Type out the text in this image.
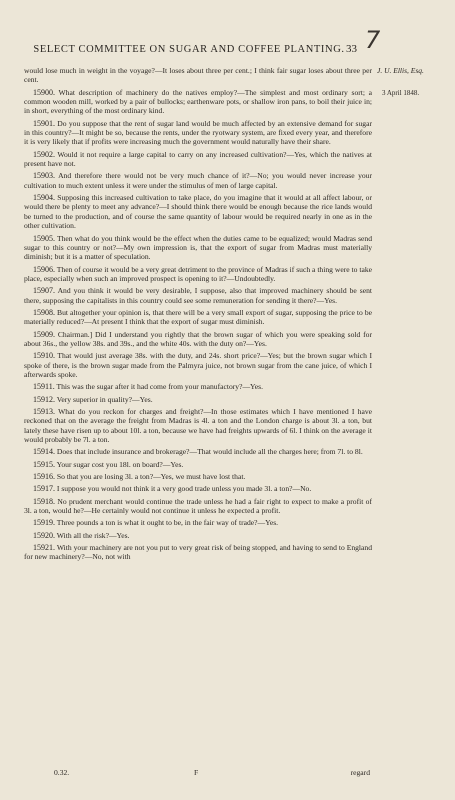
SELECT COMMITTEE ON SUGAR AND COFFEE PLANTING. 33 7
J. U. Ellis, Esq.
3 April 1848.

would lose much in weight in the voyage?—It loses about three per cent.; I think fair sugar loses about three per cent.

15900. What description of machinery do the natives employ?—The simplest and most ordinary sort; a common wooden mill, worked by a pair of bullocks; earthenware pots, or shallow iron pans, to boil their juice in; in short, everything of the most ordinary kind.

15901. Do you suppose that the rent of sugar land would be much affected by an extensive demand for sugar in this country?—It might be so, because the rents, under the ryotwary system, are fixed every year, and therefore it is very likely that if profits were increasing much the government would naturally have their share.

15902. Would it not require a large capital to carry on any increased cultivation?—Yes, which the natives at present have not.

15903. And therefore there would not be very much chance of it?—No; you would never increase your cultivation to much extent unless it were under the stimulus of men of large capital.

15904. Supposing this increased cultivation to take place, do you imagine that it would at all affect labour, or would there be plenty to meet any advance?—I should think there would be enough because the rice lands would be turned to the production, and of course the same quantity of labour would be required nearly in one as in the other cultivation.

15905. Then what do you think would be the effect when the duties came to be equalized; would Madras send sugar to this country or not?—My own impression is, that the export of sugar from Madras must materially diminish; but it is a matter of speculation.

15906. Then of course it would be a very great detriment to the province of Madras if such a thing were to take place, especially when such an improved prospect is opening to it?—Undoubtedly.

15907. And you think it would be very desirable, I suppose, also that improved machinery should be sent there, supposing the capitalists in this country could see some remuneration for sending it there?—Yes.

15908. But altogether your opinion is, that there will be a very small export of sugar, supposing the price to be materially reduced?—At present I think that the export of sugar must diminish.

15909. Chairman.] Did I understand you rightly that the brown sugar of which you were speaking sold for about 36s., the yellow 38s. and 39s., and the white 40s. with the duty on?—Yes.

15910. That would just average 38s. with the duty, and 24s. short price?—Yes; but the brown sugar which I spoke of there, is the brown sugar made from the Palmyra juice, not brown sugar from the cane juice, of which I afterwards spoke.

15911. This was the sugar after it had come from your manufactory?—Yes.

15912. Very superior in quality?—Yes.

15913. What do you reckon for charges and freight?—In those estimates which I have mentioned I have reckoned that on the average the freight from Madras is 4l. a ton and the London charge is about 3l. a ton, but lately these have risen up to about 10l. a ton, because we have had freights upwards of 6l. I think on the average it would probably be 7l. a ton.

15914. Does that include insurance and brokerage?—That would include all the charges here; from 7l. to 8l.

15915. Your sugar cost you 18l. on board?—Yes.

15916. So that you are losing 3l. a ton?—Yes, we must have lost that.

15917. I suppose you would not think it a very good trade unless you made 3l. a ton?—No.

15918. No prudent merchant would continue the trade unless he had a fair right to expect to make a profit of 3l. a ton, would he?—He certainly would not continue it unless he expected a profit.

15919. Three pounds a ton is what it ought to be, in the fair way of trade?—Yes.

15920. With all the risk?—Yes.

15921. With your machinery are not you put to very great risk of being stopped, and having to send to England for new machinery?—No, not with

0.32.	F	regard
